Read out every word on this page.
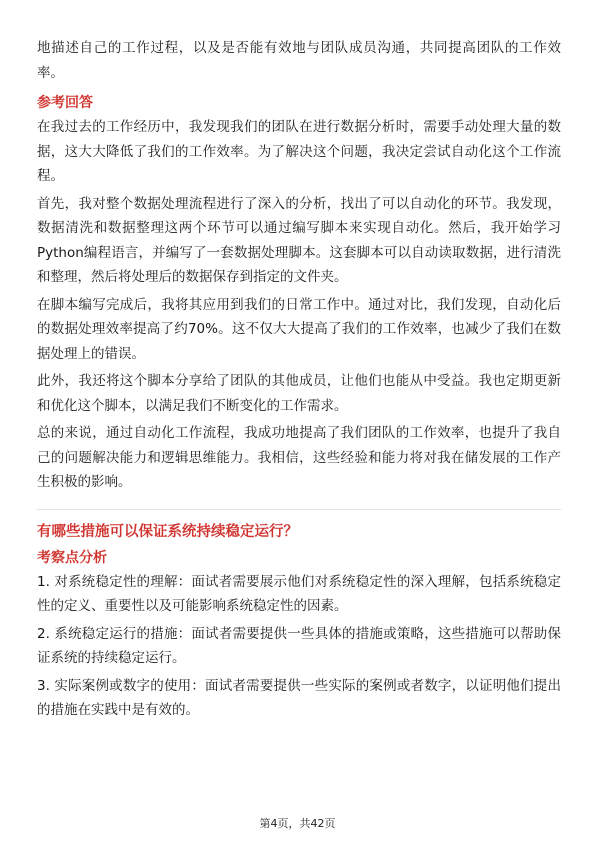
地描述自己的工作过程，以及是否能有效地与团队成员沟通，共同提高团队的工作效率。

参考回答

在我过去的工作经历中，我发现我们的团队在进行数据分析时，需要手动处理大量的数据，这大大降低了我们的工作效率。为了解决这个问题，我决定尝试自动化这个工作流程。

首先，我对整个数据处理流程进行了深入的分析，找出了可以自动化的环节。我发现，数据清洗和数据整理这两个环节可以通过编写脚本来实现自动化。然后，我开始学习Python编程语言，并编写了一套数据处理脚本。这套脚本可以自动读取数据，进行清洗和整理，然后将处理后的数据保存到指定的文件夹。

在脚本编写完成后，我将其应用到我们的日常工作中。通过对比，我们发现，自动化后的数据处理效率提高了约70%。这不仅大大提高了我们的工作效率，也减少了我们在数据处理上的错误。

此外，我还将这个脚本分享给了团队的其他成员，让他们也能从中受益。我也定期更新和优化这个脚本，以满足我们不断变化的工作需求。

总的来说，通过自动化工作流程，我成功地提高了我们团队的工作效率，也提升了我自己的问题解决能力和逻辑思维能力。我相信，这些经验和能力将对我在储发展的工作产生积极的影响。

有哪些措施可以保证系统持续稳定运行？
考察点分析

1. 对系统稳定性的理解：面试者需要展示他们对系统稳定性的深入理解，包括系统稳定性的定义、重要性以及可能影响系统稳定性的因素。

2. 系统稳定运行的措施：面试者需要提供一些具体的措施或策略，这些措施可以帮助保证系统的持续稳定运行。

3. 实际案例或数字的使用：面试者需要提供一些实际的案例或者数字，以证明他们提出的措施在实践中是有效的。

第4页，共42页
